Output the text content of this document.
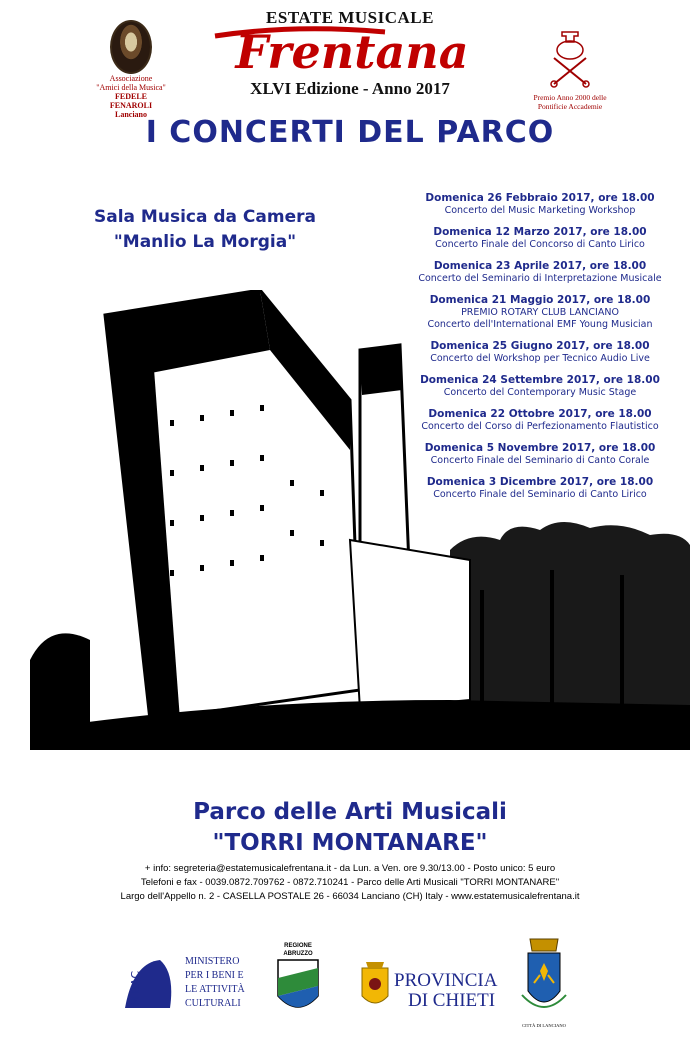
Associazione
"Amici della Musica"
FEDELE FENAROLI
Lanciano
ESTATE MUSICALE
Frentana
XLVI Edizione - Anno 2017	Premio Anno 2000 delle
Pontificie Accademie
I CONCERTI DEL PARCO
Sala Musica da Camera
"Manlio La Morgia"
Domenica 26 Febbraio 2017, ore 18.00
Concerto del Music Marketing Workshop
Domenica 12 Marzo 2017, ore 18.00
Concerto Finale del Concorso di Canto Lirico
Domenica 23 Aprile 2017, ore 18.00
Concerto del Seminario di Interpretazione Musicale
Domenica 21 Maggio 2017, ore 18.00
PREMIO ROTARY CLUB LANCIANO
Concerto dell'International EMF Young Musician
Domenica 25 Giugno 2017, ore 18.00
Concerto del Workshop per Tecnico Audio Live
Domenica 24 Settembre 2017, ore 18.00
Concerto del Contemporary Music Stage
Domenica 22 Ottobre 2017, ore 18.00
Concerto del Corso di Perfezionamento Flautistico
Domenica 5 Novembre 2017, ore 18.00
Concerto Finale del Seminario di Canto Corale
Domenica 3 Dicembre 2017, ore 18.00
Concerto Finale del Seminario di Canto Lirico
Concerti Didattici, collegati a seminari, conferenze
workshop, corsi, master class, stage e recording day
Parco delle Arti Musicali
"TORRI MONTANARE"
+ info: segreteria@estatemusicalefrentana.it - da Lun. a Ven. ore 9.30/13.00 - Posto unico: 5 euro
Telefoni e fax - 0039.0872.709762 - 0872.710241 - Parco delle Arti Musicali "TORRI MONTANARE"
Largo dell'Appello n. 2 - CASELLA POSTALE 26 - 66034 Lanciano (CH) Italy - www.estatemusicalefrentana.it
MiBAC
MINISTERO
PER I BENI E
LE ATTIVITÀ
CULTURALI
REGIONE
ABRUZZO
PROVINCIA
DI CHIETI
CITTÀ DI LANCIANO
